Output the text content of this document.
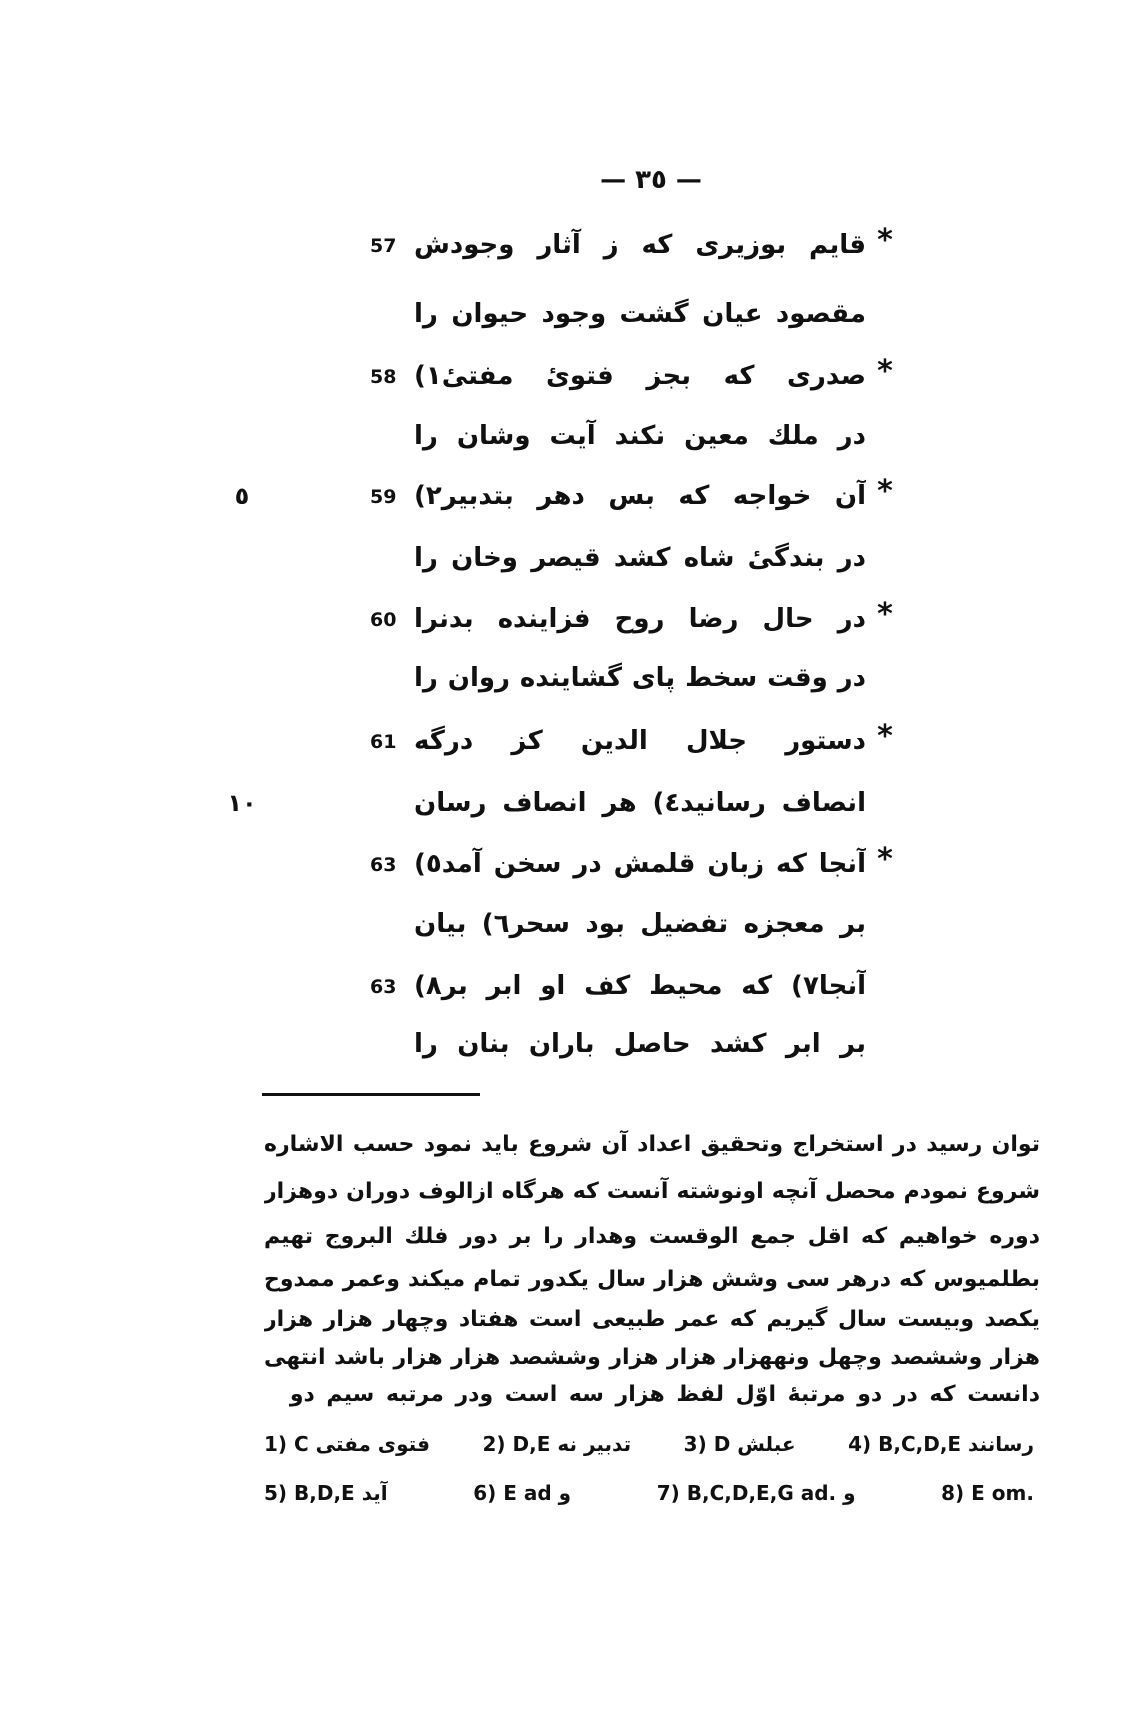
— ٣٥ —
*
قایم بوزیری که ز آثار وجودش
57
مقصود عیان گشت وجود حیوان را
*
صدری که بجز فتویٔ مفتیٔ١)
58
در ملك معین نکند آیت وشان را
*
آن خواجه که بس دهر بتدبیر٢)
59
٥
در بندگیٔ شاه کشد قیصر وخان را
*
در حال رضا روح فزاینده بدنرا
60
در وقت سخط پای گشاینده روان را
*
دستور جلال الدین کز درگه
61
انصاف رسانید٤) هر انصاف رسان
١٠
*
آنجا که زبان قلمش در سخن آمد٥)
63
بر معجزه تفضیل بود سحر٦) بیان
آنجا٧) که محیط کف او ابر بر٨)
63
بر ابر کشد حاصل باران بنان را
توان رسید در استخراج وتحقیق اعداد آن شروع باید نمود حسب الاشاره
شروع نمودم محصل آنچه اونوشته آنست که هرگاه ازالوف دوران دوهزار
دوره خواهیم که اقل جمع الوقست وهدار را بر دور فلك البروج تهیم
بطلمیوس که درهر سی وشش هزار سال یکدور تمام میکند وعمر ممدوح
یکصد وبیست سال گیریم که عمر طبیعی است هفتاد وچهار هزار هزار
هزار وششصد وچهل ونههزار هزار هزار وششصد هزار هزار باشد انتهی
دانست که در دو مرتبهٔ اوّل لفظ هزار سه است ودر مرتبه سیم دو
1) C فتوی مفتی	2) D,E تدبیر نه	3) D عبلش	4) B,C,D,E رسانند
5) B,D,E آید	6) E ad و	7) B,C,D,E,G ad. و	8) E om.
